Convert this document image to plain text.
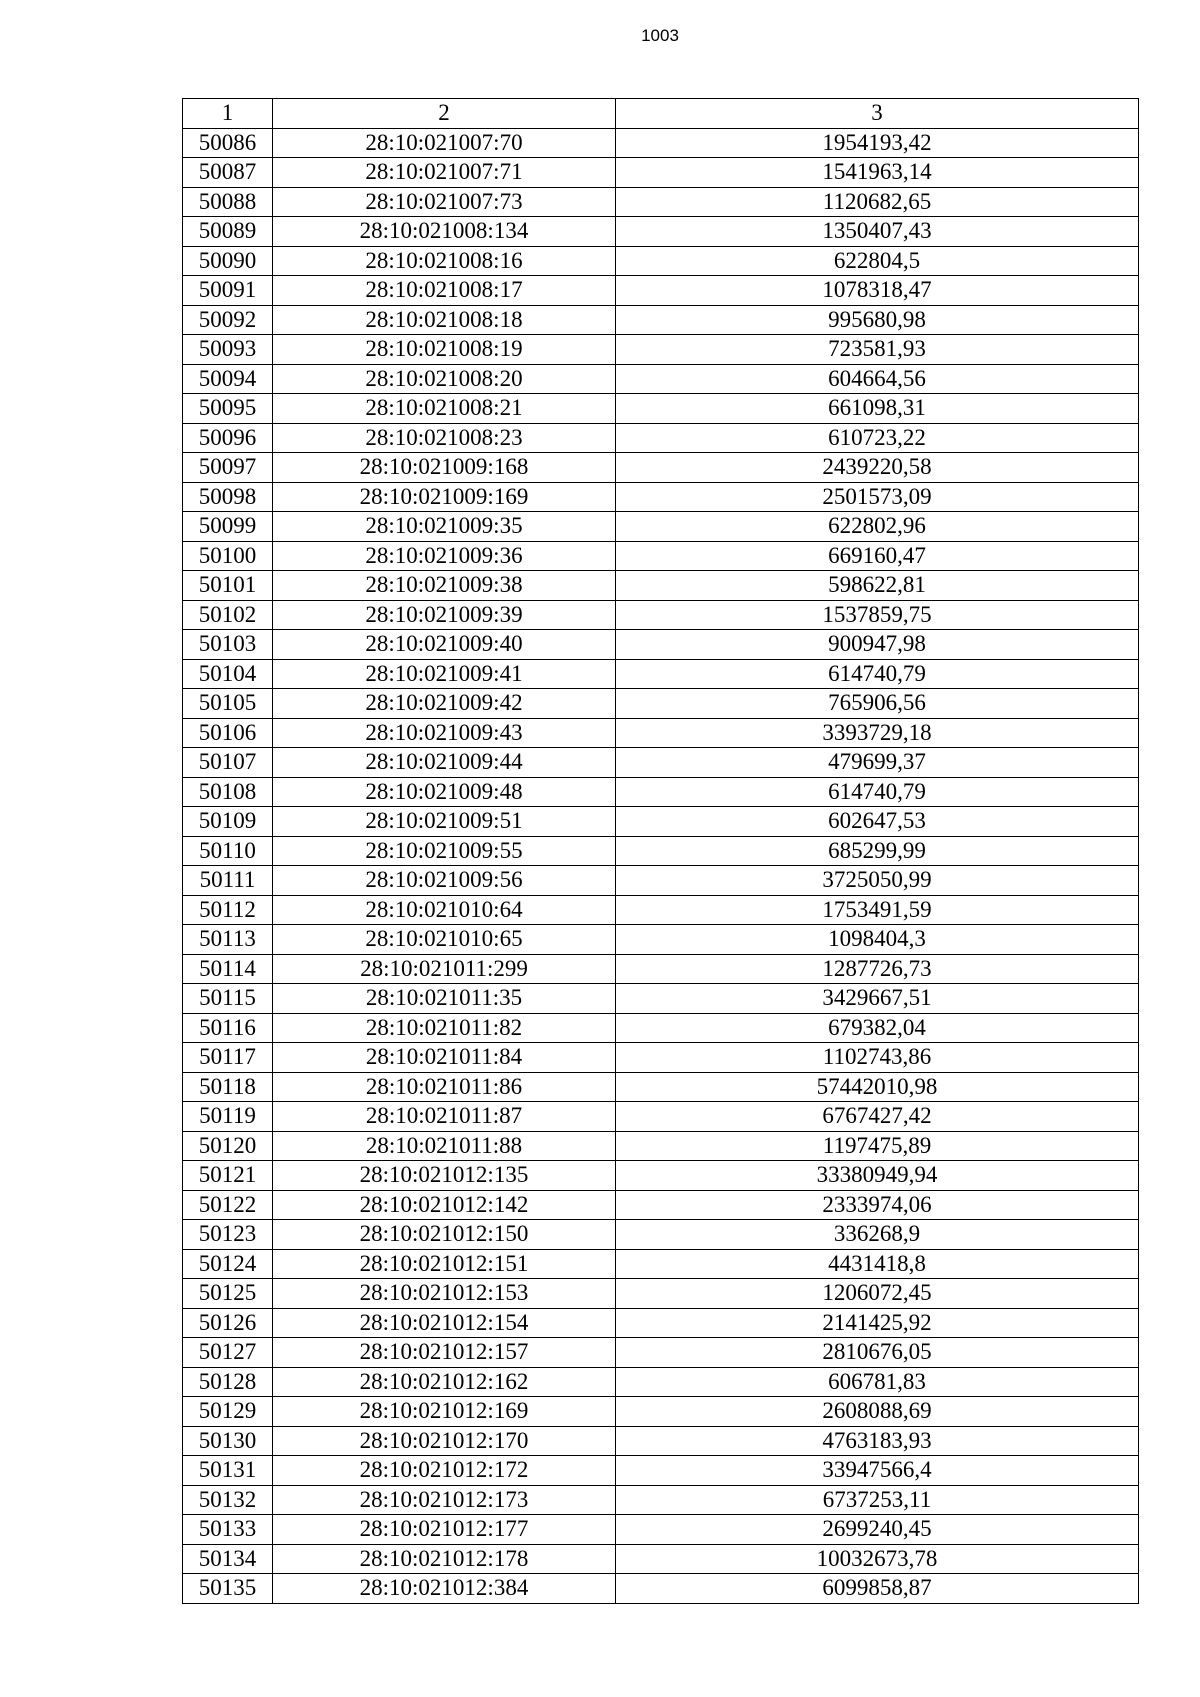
1003
1	2	3
50086	28:10:021007:70	1954193,42
50087	28:10:021007:71	1541963,14
50088	28:10:021007:73	1120682,65
50089	28:10:021008:134	1350407,43
50090	28:10:021008:16	622804,5
50091	28:10:021008:17	1078318,47
50092	28:10:021008:18	995680,98
50093	28:10:021008:19	723581,93
50094	28:10:021008:20	604664,56
50095	28:10:021008:21	661098,31
50096	28:10:021008:23	610723,22
50097	28:10:021009:168	2439220,58
50098	28:10:021009:169	2501573,09
50099	28:10:021009:35	622802,96
50100	28:10:021009:36	669160,47
50101	28:10:021009:38	598622,81
50102	28:10:021009:39	1537859,75
50103	28:10:021009:40	900947,98
50104	28:10:021009:41	614740,79
50105	28:10:021009:42	765906,56
50106	28:10:021009:43	3393729,18
50107	28:10:021009:44	479699,37
50108	28:10:021009:48	614740,79
50109	28:10:021009:51	602647,53
50110	28:10:021009:55	685299,99
50111	28:10:021009:56	3725050,99
50112	28:10:021010:64	1753491,59
50113	28:10:021010:65	1098404,3
50114	28:10:021011:299	1287726,73
50115	28:10:021011:35	3429667,51
50116	28:10:021011:82	679382,04
50117	28:10:021011:84	1102743,86
50118	28:10:021011:86	57442010,98
50119	28:10:021011:87	6767427,42
50120	28:10:021011:88	1197475,89
50121	28:10:021012:135	33380949,94
50122	28:10:021012:142	2333974,06
50123	28:10:021012:150	336268,9
50124	28:10:021012:151	4431418,8
50125	28:10:021012:153	1206072,45
50126	28:10:021012:154	2141425,92
50127	28:10:021012:157	2810676,05
50128	28:10:021012:162	606781,83
50129	28:10:021012:169	2608088,69
50130	28:10:021012:170	4763183,93
50131	28:10:021012:172	33947566,4
50132	28:10:021012:173	6737253,11
50133	28:10:021012:177	2699240,45
50134	28:10:021012:178	10032673,78
50135	28:10:021012:384	6099858,87
